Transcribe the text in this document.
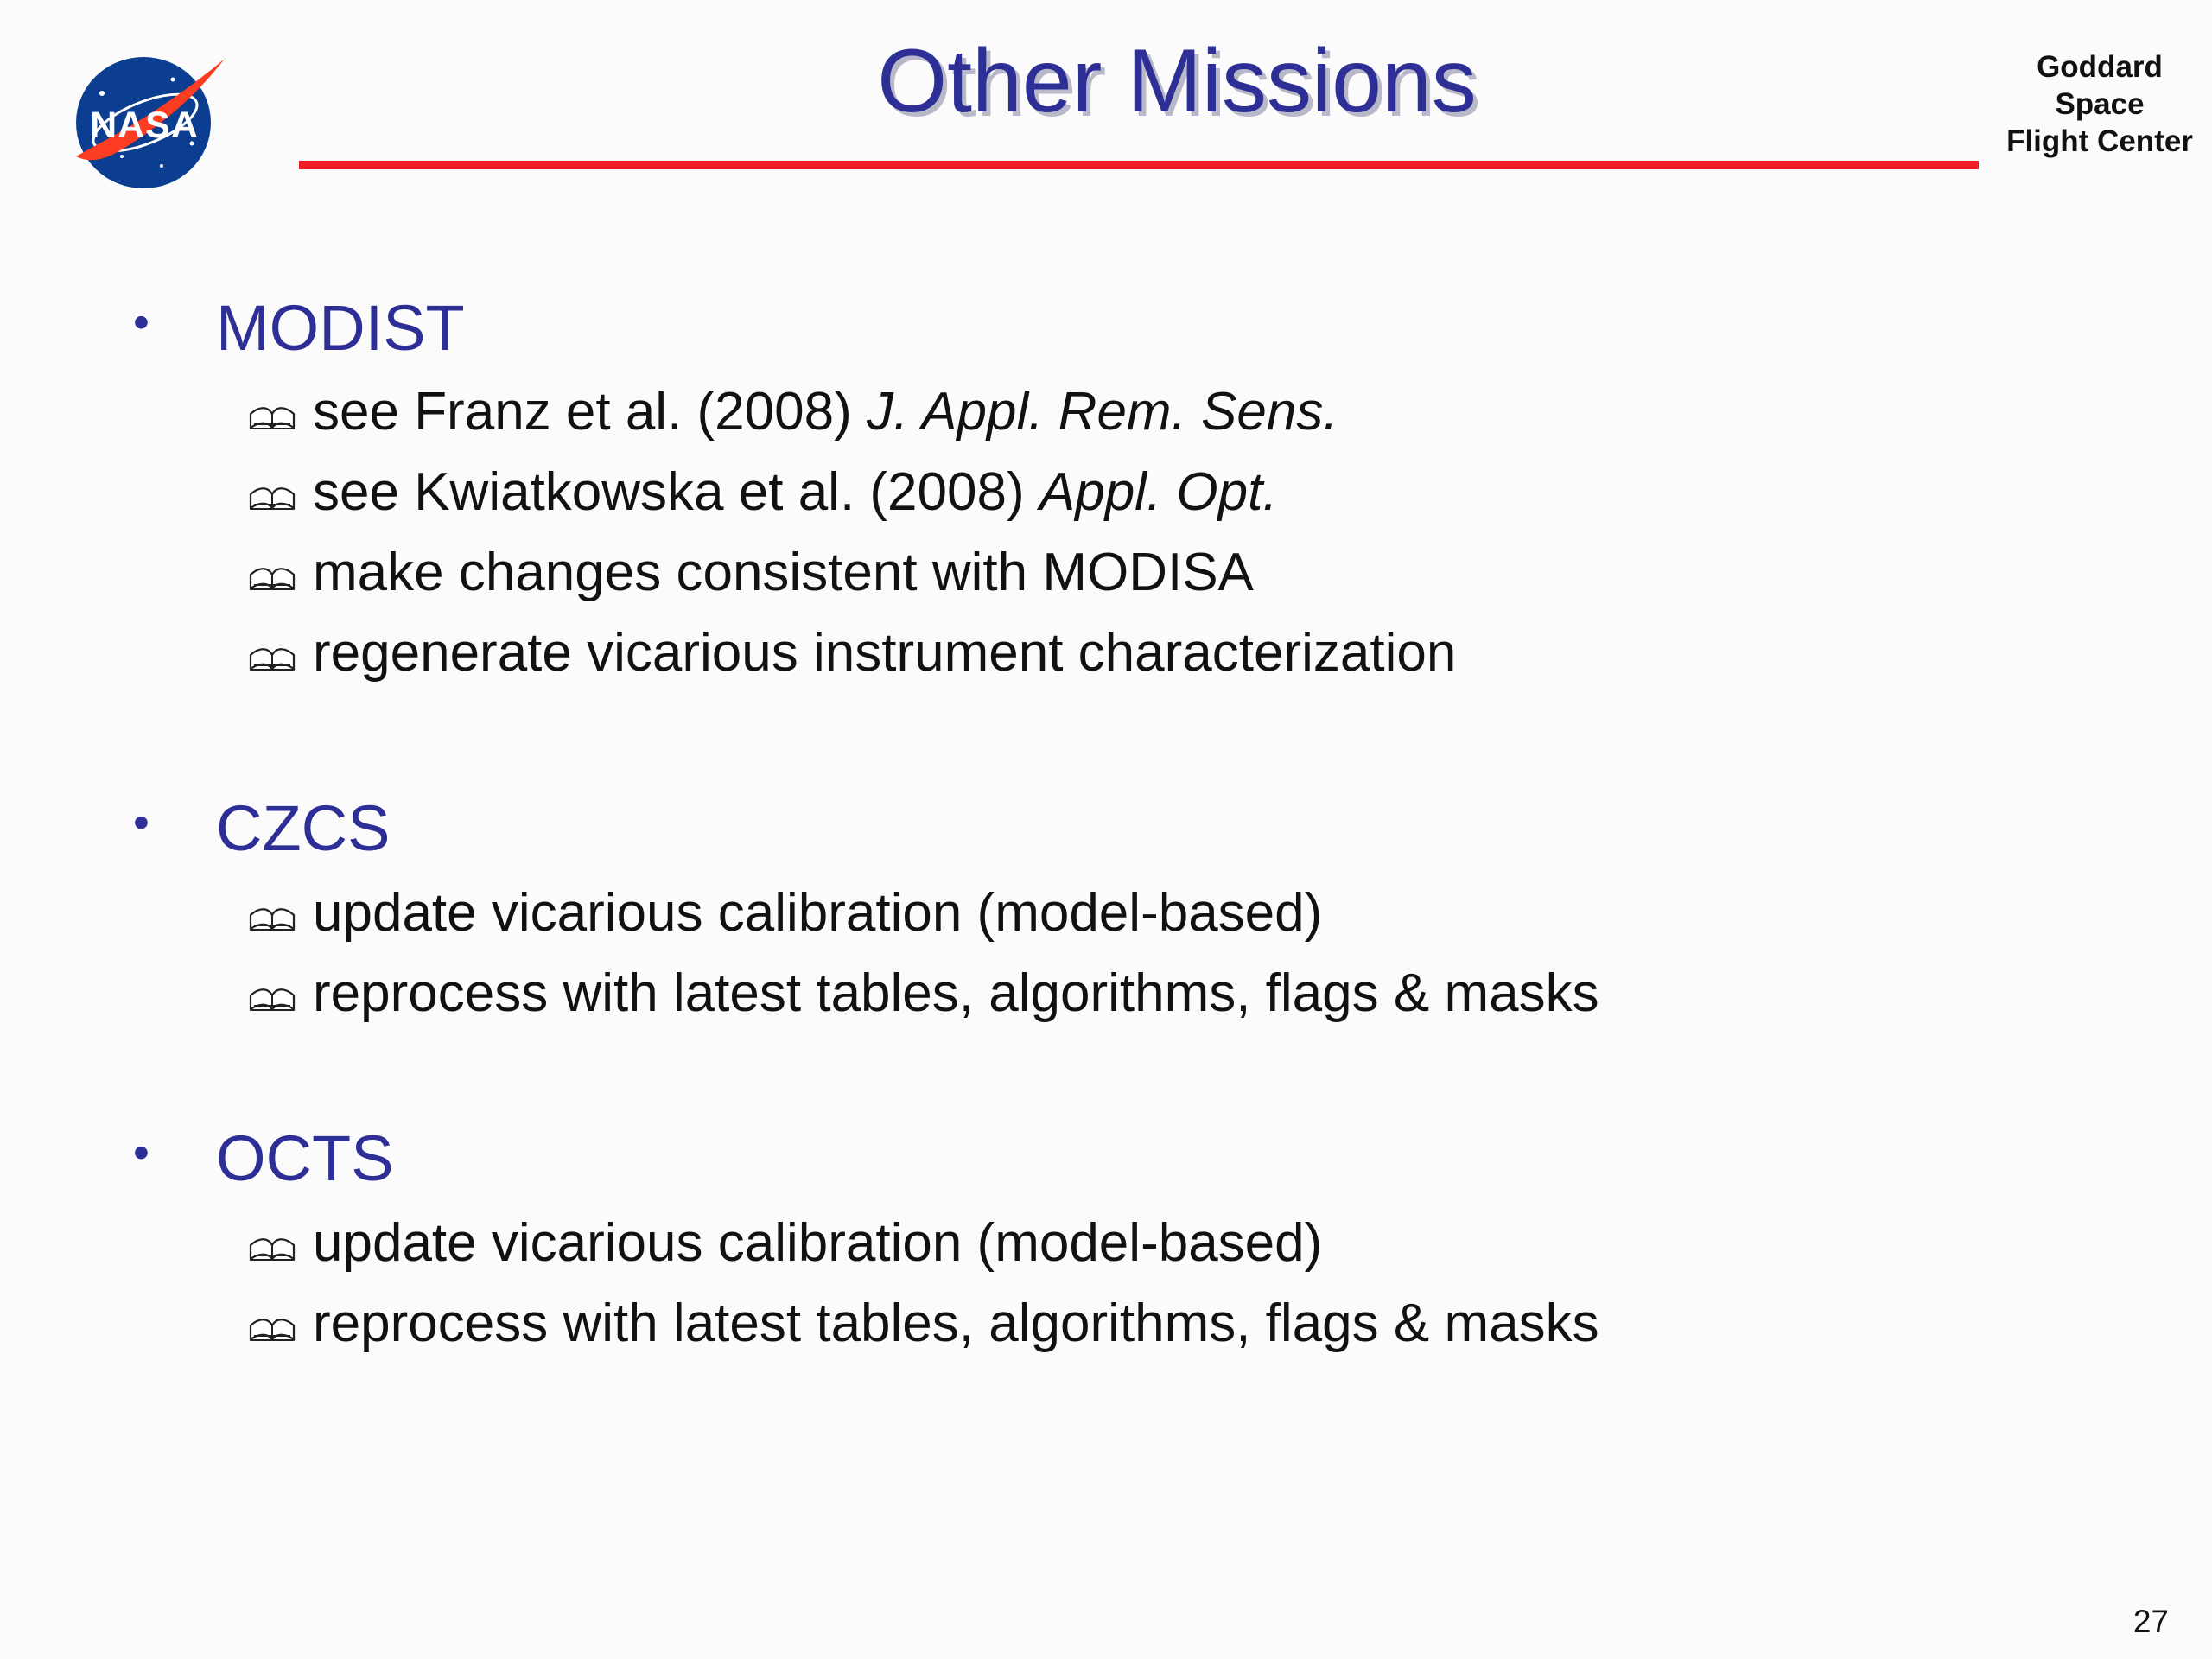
NASA	Other Missions	Goddard
Space
Flight Center
• MODIST
see Franz et al. (2008) J. Appl. Rem. Sens.
see Kwiatkowska et al. (2008) Appl. Opt.
make changes consistent with MODISA
regenerate vicarious instrument characterization
• CZCS
update vicarious calibration (model-based)
reprocess with latest tables, algorithms, flags & masks
• OCTS
update vicarious calibration (model-based)
reprocess with latest tables, algorithms, flags & masks
27
